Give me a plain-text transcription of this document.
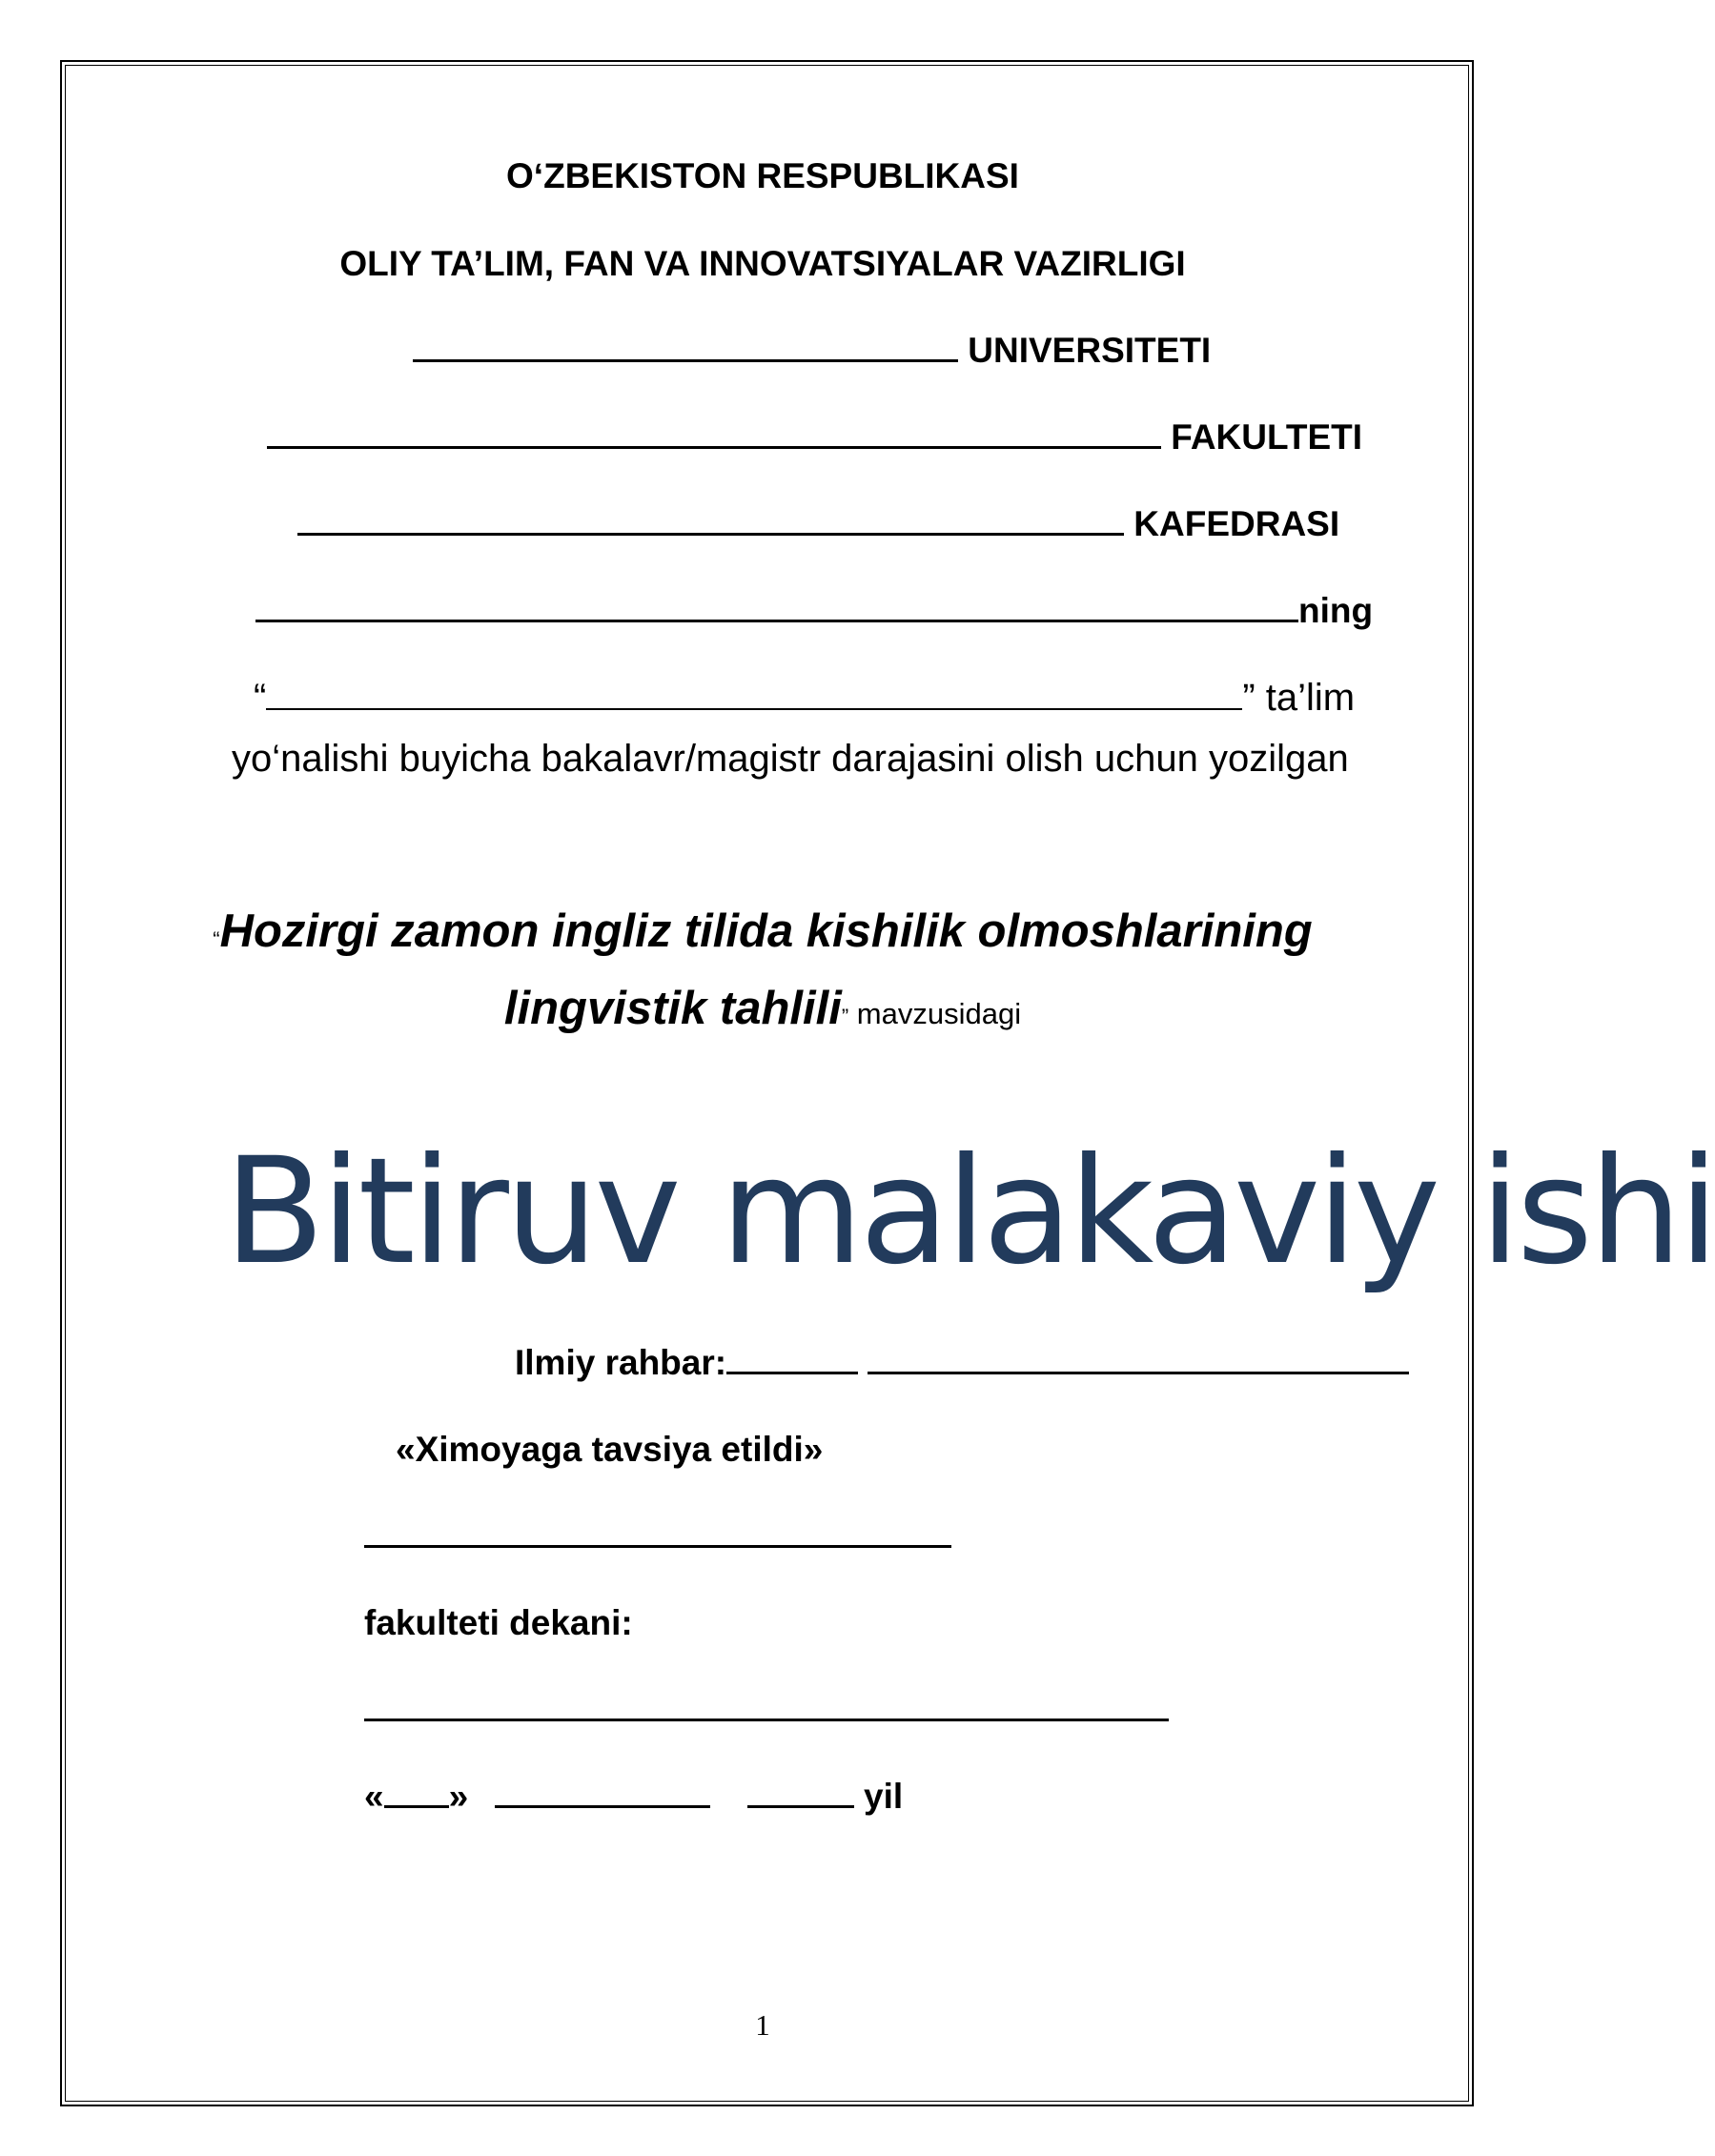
O‘ZBEKISTON RESPUBLIKASI
OLIY TA’LIM, FAN VA INNOVATSIYALAR VAZIRLIGI
UNIVERSITETI
FAKULTETI
KAFEDRASI
ning
“	” ta’lim
yo‘nalishi buyicha bakalavr/magistr darajasini olish uchun yozilgan
“Hozirgi zamon ingliz tilida kishilik olmoshlarining
lingvistik tahlili” mavzusidagi
Bitiruv malakaviy ishi
Ilmiy rahbar:
«Ximoyaga tavsiya etildi»
fakulteti dekani:
« »	yil
1
